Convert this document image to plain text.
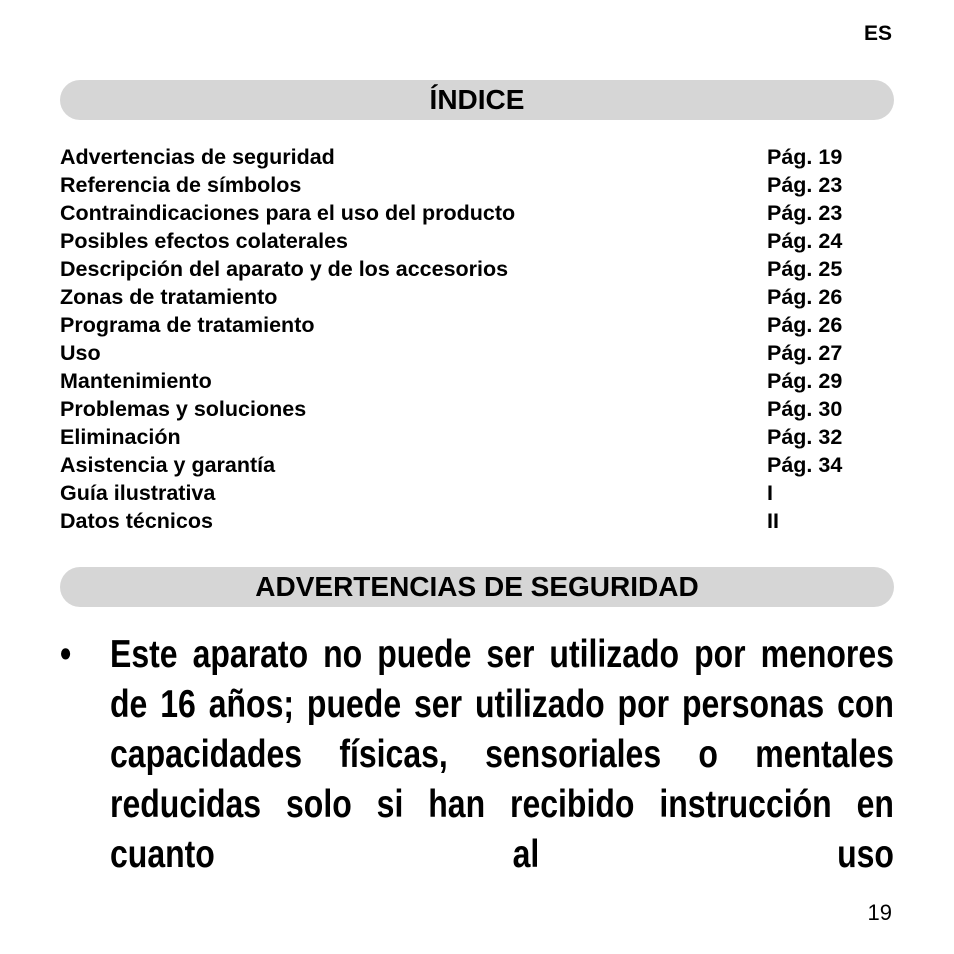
ES
ÍNDICE
Advertencias de seguridad	Pág. 19
Referencia de símbolos	Pág. 23
Contraindicaciones para el uso del producto	Pág. 23
Posibles efectos colaterales	Pág. 24
Descripción del aparato y de los accesorios	Pág. 25
Zonas de tratamiento	Pág. 26
Programa de tratamiento	Pág. 26
Uso	Pág. 27
Mantenimiento	Pág. 29
Problemas y soluciones	Pág. 30
Eliminación	Pág. 32
Asistencia y garantía	Pág. 34
Guía ilustrativa	I
Datos técnicos	II
ADVERTENCIAS DE SEGURIDAD
• Este aparato no puede ser utilizado por menores de 16 años; puede ser utilizado por personas con capacidades físicas, sensoriales o mentales reducidas solo si han recibido instrucción en cuanto al uso
19
